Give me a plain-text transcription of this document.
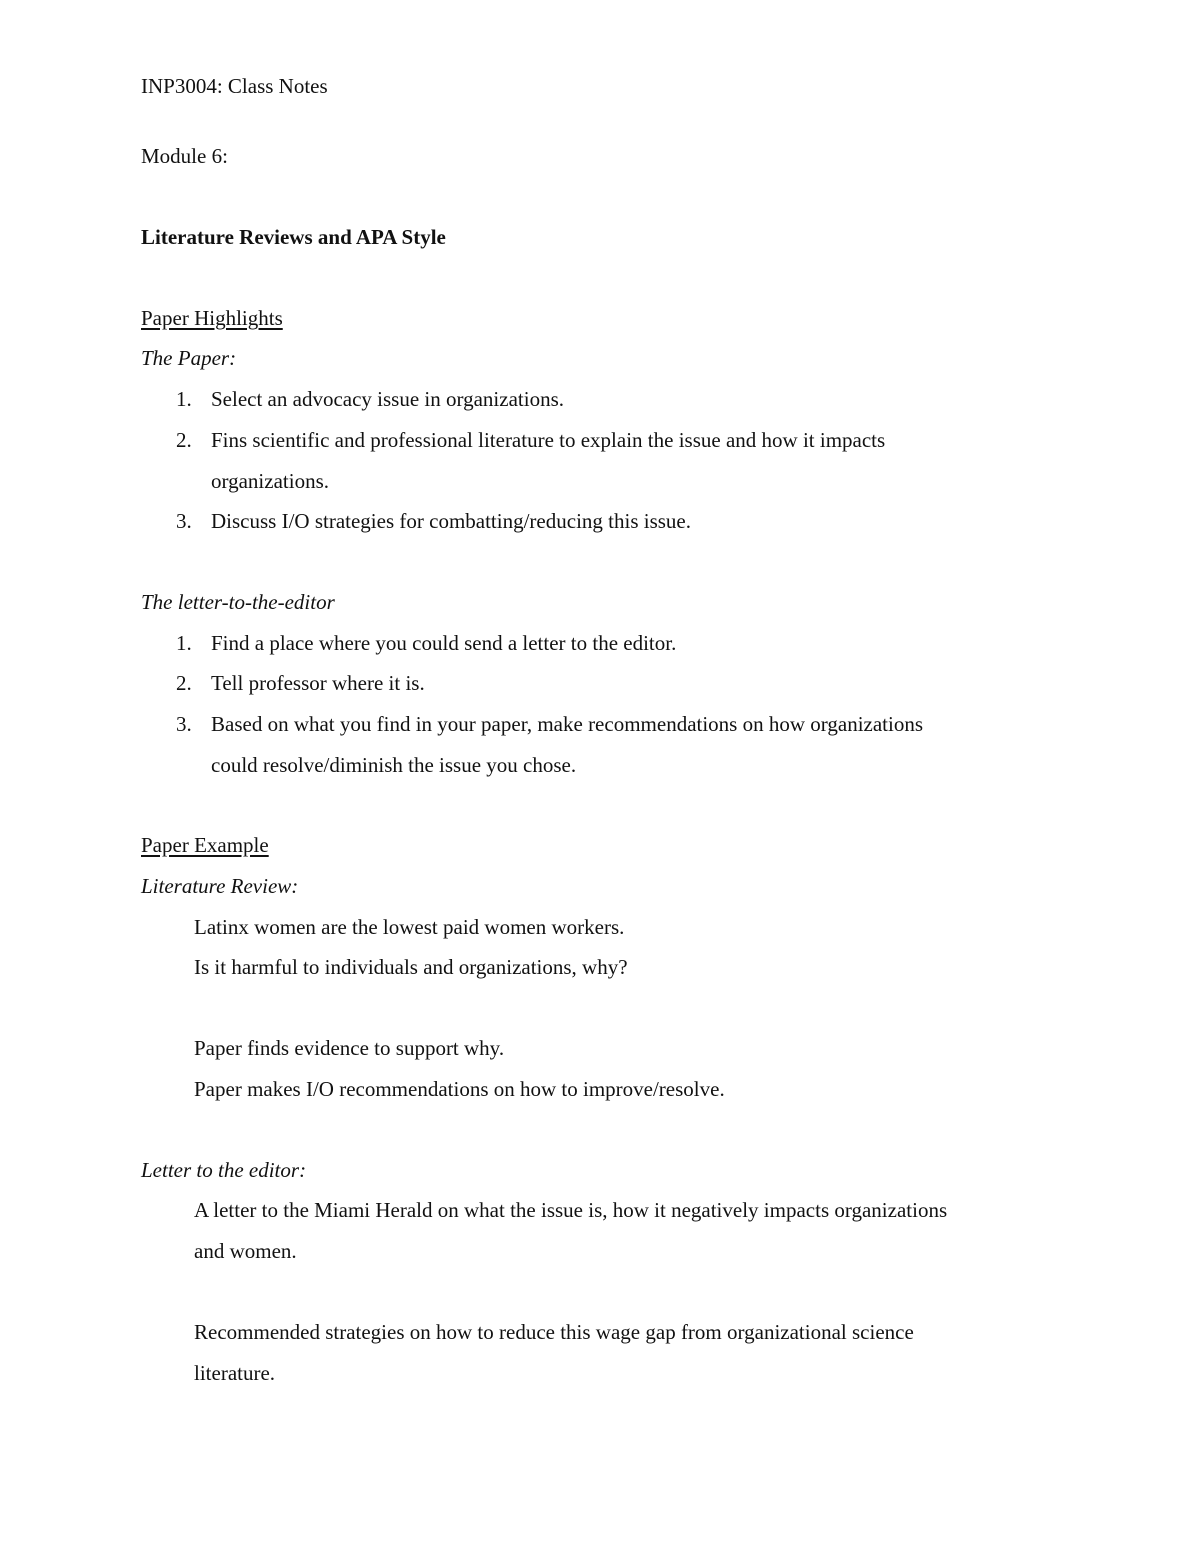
INP3004: Class Notes
Module 6:
Literature Reviews and APA Style
Paper Highlights
The Paper:
1. Select an advocacy issue in organizations.
2. Fins scientific and professional literature to explain the issue and how it impacts
organizations.
3. Discuss I/O strategies for combatting/reducing this issue.
The letter-to-the-editor
1. Find a place where you could send a letter to the editor.
2. Tell professor where it is.
3. Based on what you find in your paper, make recommendations on how organizations
could resolve/diminish the issue you chose.
Paper Example
Literature Review:
Latinx women are the lowest paid women workers.
Is it harmful to individuals and organizations, why?
Paper finds evidence to support why.
Paper makes I/O recommendations on how to improve/resolve.
Letter to the editor:
A letter to the Miami Herald on what the issue is, how it negatively impacts organizations
and women.
Recommended strategies on how to reduce this wage gap from organizational science
literature.
